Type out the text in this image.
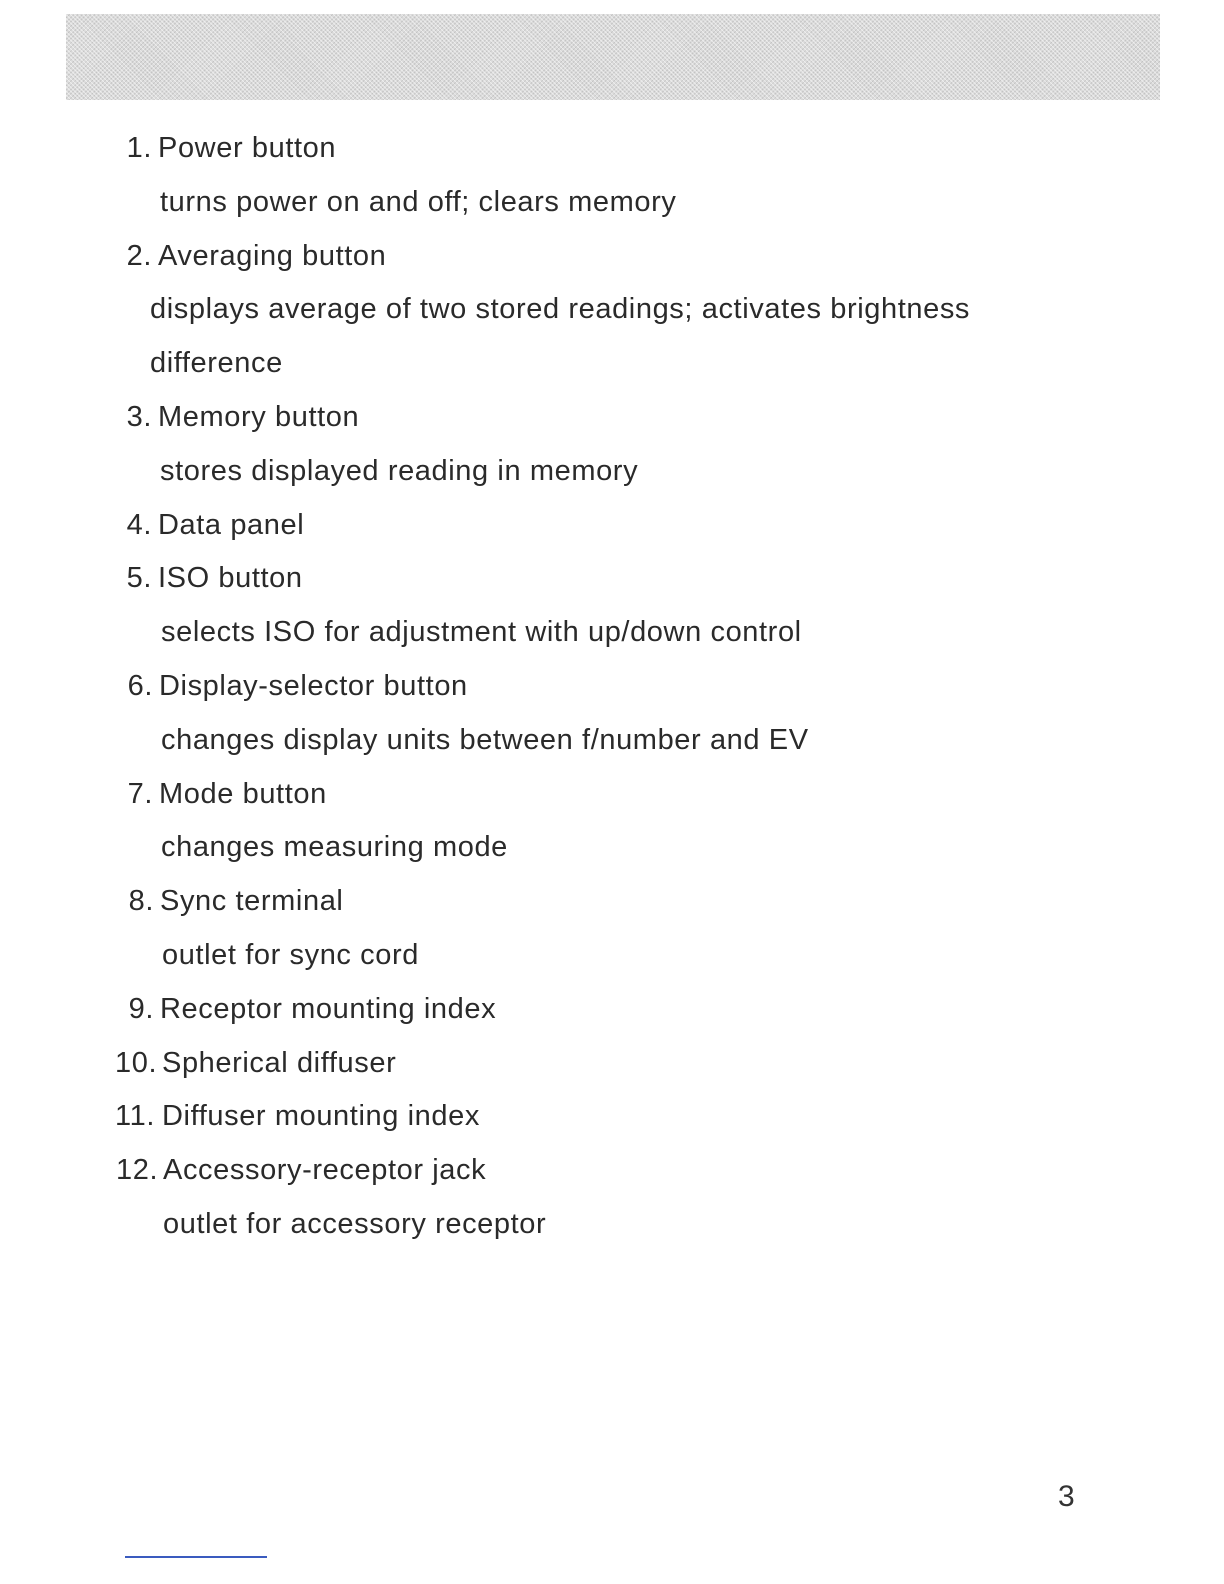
1. Power button
turns power on and off; clears memory
2. Averaging button
displays average of two stored readings; activates brightness
difference
3. Memory button
stores displayed reading in memory
4. Data panel
5. ISO button
selects ISO for adjustment with up/down control
6. Display-selector button
changes display units between f/number and EV
7. Mode button
changes measuring mode
8. Sync terminal
outlet for sync cord
9. Receptor mounting index
10. Spherical diffuser
11. Diffuser mounting index
12. Accessory-receptor jack
outlet for accessory receptor
3
